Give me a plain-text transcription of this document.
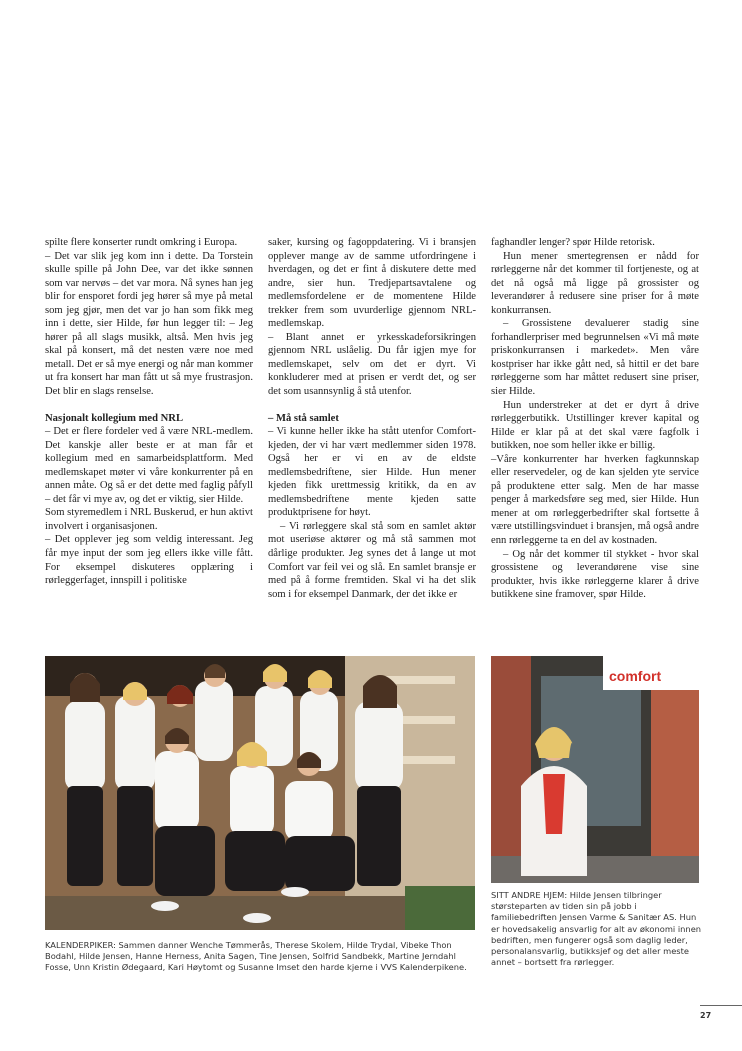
spilte flere konserter rundt omkring i Europa.

– Det var slik jeg kom inn i dette. Da Torstein skulle spille på John Dee, var det ikke sønnen som var nervøs – det var mora. Nå synes han jeg blir for ensporet fordi jeg hører så mye på metal som jeg gjør, men det var jo han som fikk meg inn i dette, sier Hilde, før hun legger til: – Jeg hører på all slags musikk, altså. Men hvis jeg skal på konsert, må det nesten være noe med metall. Det er så mye energi og når man kommer ut fra konsert har man fått ut så mye frustrasjon. Det blir en slags renselse.

Nasjonalt kollegium med NRL

– Det er flere fordeler ved å være NRL-medlem. Det kanskje aller beste er at man får et kollegium med en samarbeidsplattform. Med medlemskapet møter vi våre konkurrenter på en annen måte. Og så er det dette med faglig påfyll – det får vi mye av, og det er viktig, sier Hilde.

Som styremedlem i NRL Buskerud, er hun aktivt involvert i organisasjonen.

– Det opplever jeg som veldig interessant. Jeg får mye input der som jeg ellers ikke ville fått. For eksempel diskuteres opplæring i rørleggerfaget, innspill i politiske

saker, kursing og fagoppdatering. Vi i bransjen opplever mange av de samme utfordringene i hverdagen, og det er fint å diskutere dette med andre, sier hun. Tredjepartsavtalene og medlemsfordelene er de momentene Hilde trekker frem som uvurderlige gjennom NRL-medlemskap.

– Blant annet er yrkesskadeforsikringen gjennom NRL uslåelig. Du får igjen mye for medlemskapet, selv om det er dyrt. Vi konkluderer med at prisen er verdt det, og ser det som usannsynlig å stå utenfor.

– Må stå samlet

– Vi kunne heller ikke ha stått utenfor Comfort-kjeden, der vi har vært medlemmer siden 1978. Også her er vi en av de eldste medlemsbedriftene, sier Hilde. Hun mener kjeden fikk urettmessig kritikk, da en av medlemsbedriftene mente kjeden satte produktprisene for høyt.

– Vi rørleggere skal stå som en samlet aktør mot useriøse aktører og må stå sammen mot dårlige produkter. Jeg synes det å lange ut mot Comfort var feil vei og slå. En samlet bransje er med på å forme fremtiden. Skal vi ha det slik som i for eksempel Danmark, der det ikke er

faghandler lenger? spør Hilde retorisk.

Hun mener smertegrensen er nådd for rørleggerne når det kommer til fortjeneste, og at det nå også må ligge på grossister og leverandører å redusere sine priser for å møte konkurransen.

– Grossistene devaluerer stadig sine forhandlerpriser med begrunnelsen «Vi må møte priskonkurransen i markedet». Men våre kostpriser har ikke gått ned, så hittil er det bare rørleggerne som har måttet redusert sine priser, sier Hilde.

Hun understreker at det er dyrt å drive rørleggerbutikk. Utstillinger krever kapital og Hilde er klar på at det skal være fagfolk i butikken, noe som heller ikke er billig.

–Våre konkurrenter har hverken fagkunnskap eller reservedeler, og de kan sjelden yte service på produktene etter salg. Men de har masse penger å markedsføre seg med, sier Hilde. Hun mener at om rørleggerbedrifter skal fortsette å være utstillingsvinduet i bransjen, må også andre enn rørleggerne ta en del av kostnaden.

– Og når det kommer til stykket - hvor skal grossistene og leverandørene vise sine produkter, hvis ikke rørleggerne klarer å drive butikkene sine framover, spør Hilde.

comfort
KALENDERPIKER: Sammen danner Wenche Tømmerås, Therese Skolem, Hilde Trydal, Vibeke Thon Bodahl, Hilde Jensen, Hanne Herness, Anita Sagen, Tine Jensen, Solfrid Sandbekk, Martine Jerndahl Fosse, Unn Kristin Ødegaard, Kari Høytomt og Susanne Imset den harde kjerne i VVS Kalenderpikene.
SITT ANDRE HJEM: Hilde Jensen tilbringer størsteparten av tiden sin på jobb i familiebedriften Jensen Varme & Sanitær AS. Hun er hovedsakelig ansvarlig for alt av økonomi innen bedriften, men fungerer også som daglig leder, personalansvarlig, butikksjef og det aller meste annet – bortsett fra rørlegger.
27
